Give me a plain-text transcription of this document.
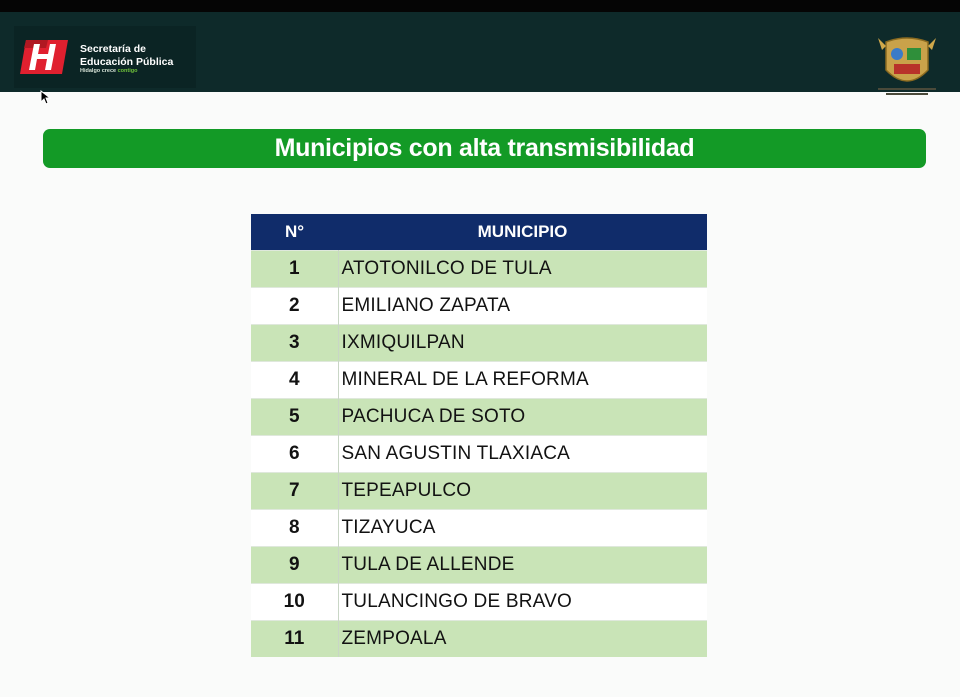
Secretaría de
Educación Pública
Hidalgo crece contigo
Municipios con alta transmisibilidad
N°	MUNICIPIO
1	ATOTONILCO DE TULA
2	EMILIANO ZAPATA
3	IXMIQUILPAN
4	MINERAL DE LA REFORMA
5	PACHUCA DE SOTO
6	SAN AGUSTIN TLAXIACA
7	TEPEAPULCO
8	TIZAYUCA
9	TULA DE ALLENDE
10	TULANCINGO DE BRAVO
11	ZEMPOALA
